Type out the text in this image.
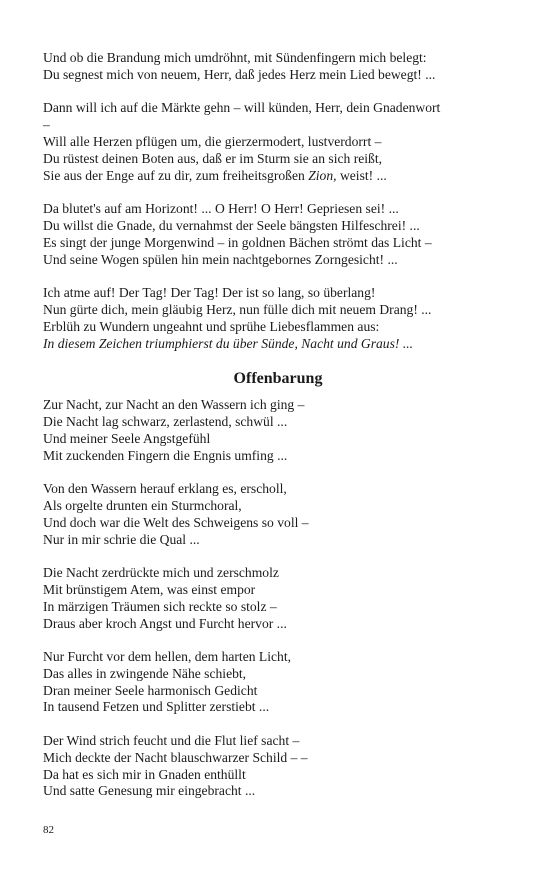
Und ob die Brandung mich umdröhnt, mit Sündenfingern mich belegt:
Du segnest mich von neuem, Herr, daß jedes Herz mein Lied bewegt! ...
Dann will ich auf die Märkte gehn – will künden, Herr, dein Gnadenwort
–
Will alle Herzen pflügen um, die gierzermodert, lustverdorrt –
Du rüstest deinen Boten aus, daß er im Sturm sie an sich reißt,
Sie aus der Enge auf zu dir, zum freiheitsgroßen Zion, weist! ...
Da blutet's auf am Horizont! ... O Herr! O Herr! Gepriesen sei! ...
Du willst die Gnade, du vernahmst der Seele bängsten Hilfeschrei! ...
Es singt der junge Morgenwind – in goldnen Bächen strömt das Licht –
Und seine Wogen spülen hin mein nachtgebornes Zorngesicht! ...
Ich atme auf! Der Tag! Der Tag! Der ist so lang, so überlang!
Nun gürte dich, mein gläubig Herz, nun fülle dich mit neuem Drang! ...
Erblüh zu Wundern ungeahnt und sprühe Liebesflammen aus:
In diesem Zeichen triumphierst du über Sünde, Nacht und Graus! ...
Offenbarung
Zur Nacht, zur Nacht an den Wassern ich ging –
Die Nacht lag schwarz, zerlastend, schwül ...
Und meiner Seele Angstgefühl
Mit zuckenden Fingern die Engnis umfing ...
Von den Wassern herauf erklang es, erscholl,
Als orgelte drunten ein Sturmchoral,
Und doch war die Welt des Schweigens so voll –
Nur in mir schrie die Qual ...
Die Nacht zerdrückte mich und zerschmolz
Mit brünstigem Atem, was einst empor
In märzigen Träumen sich reckte so stolz –
Draus aber kroch Angst und Furcht hervor ...
Nur Furcht vor dem hellen, dem harten Licht,
Das alles in zwingende Nähe schiebt,
Dran meiner Seele harmonisch Gedicht
In tausend Fetzen und Splitter zerstiebt ...
Der Wind strich feucht und die Flut lief sacht –
Mich deckte der Nacht blauschwarzer Schild – –
Da hat es sich mir in Gnaden enthüllt
Und satte Genesung mir eingebracht ...
82
